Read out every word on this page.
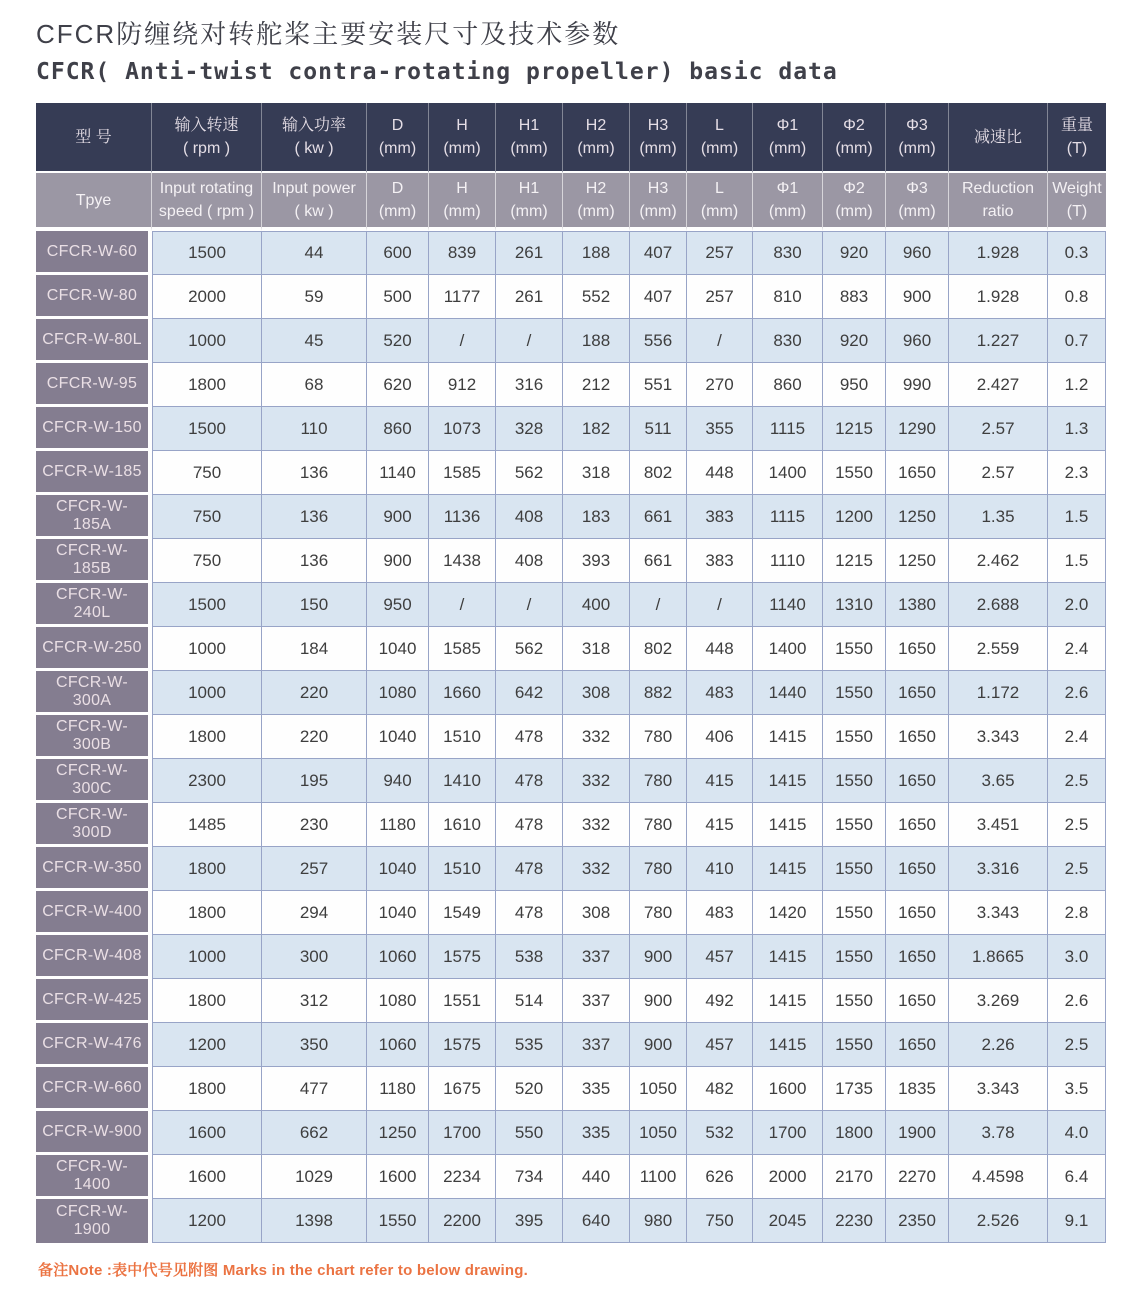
CFCR防缠绕对转舵桨主要安装尺寸及技术参数
CFCR( Anti-twist contra-rotating propeller) basic data
型 号

输入转速
( rpm )

输入功率
( kw )

D
(mm)

H
(mm)

H1
(mm)

H2
(mm)

H3
(mm)

L
(mm)

Φ1
(mm)

Φ2
(mm)

Φ3
(mm)

减速比

重量
(T)

Tpye

Input rotating
speed ( rpm )

Input power
( kw )

D
(mm)

H
(mm)

H1
(mm)

H2
(mm)

H3
(mm)

L
(mm)

Φ1
(mm)

Φ2
(mm)

Φ3
(mm)

Reduction
ratio

Weight
(T)

CFCR-W-60	1500	44	600	839	261	188	407	257	830	920	960	1.928	0.3
CFCR-W-80	2000	59	500	1177	261	552	407	257	810	883	900	1.928	0.8
CFCR-W-80L	1000	45	520	/	/	188	556	/	830	920	960	1.227	0.7
CFCR-W-95	1800	68	620	912	316	212	551	270	860	950	990	2.427	1.2
CFCR-W-150	1500	110	860	1073	328	182	511	355	1115	1215	1290	2.57	1.3
CFCR-W-185	750	136	1140	1585	562	318	802	448	1400	1550	1650	2.57	2.3
CFCR-W-185A	750	136	900	1136	408	183	661	383	1115	1200	1250	1.35	1.5
CFCR-W-185B	750	136	900	1438	408	393	661	383	1110	1215	1250	2.462	1.5
CFCR-W-240L	1500	150	950	/	/	400	/	/	1140	1310	1380	2.688	2.0
CFCR-W-250	1000	184	1040	1585	562	318	802	448	1400	1550	1650	2.559	2.4
CFCR-W-300A	1000	220	1080	1660	642	308	882	483	1440	1550	1650	1.172	2.6
CFCR-W-300B	1800	220	1040	1510	478	332	780	406	1415	1550	1650	3.343	2.4
CFCR-W-300C	2300	195	940	1410	478	332	780	415	1415	1550	1650	3.65	2.5
CFCR-W-300D	1485	230	1180	1610	478	332	780	415	1415	1550	1650	3.451	2.5
CFCR-W-350	1800	257	1040	1510	478	332	780	410	1415	1550	1650	3.316	2.5
CFCR-W-400	1800	294	1040	1549	478	308	780	483	1420	1550	1650	3.343	2.8
CFCR-W-408	1000	300	1060	1575	538	337	900	457	1415	1550	1650	1.8665	3.0
CFCR-W-425	1800	312	1080	1551	514	337	900	492	1415	1550	1650	3.269	2.6
CFCR-W-476	1200	350	1060	1575	535	337	900	457	1415	1550	1650	2.26	2.5
CFCR-W-660	1800	477	1180	1675	520	335	1050	482	1600	1735	1835	3.343	3.5
CFCR-W-900	1600	662	1250	1700	550	335	1050	532	1700	1800	1900	3.78	4.0
CFCR-W-1400	1600	1029	1600	2234	734	440	1100	626	2000	2170	2270	4.4598	6.4
CFCR-W-1900	1200	1398	1550	2200	395	640	980	750	2045	2230	2350	2.526	9.1
备注Note :表中代号见附图 Marks in the chart refer to below drawing.
